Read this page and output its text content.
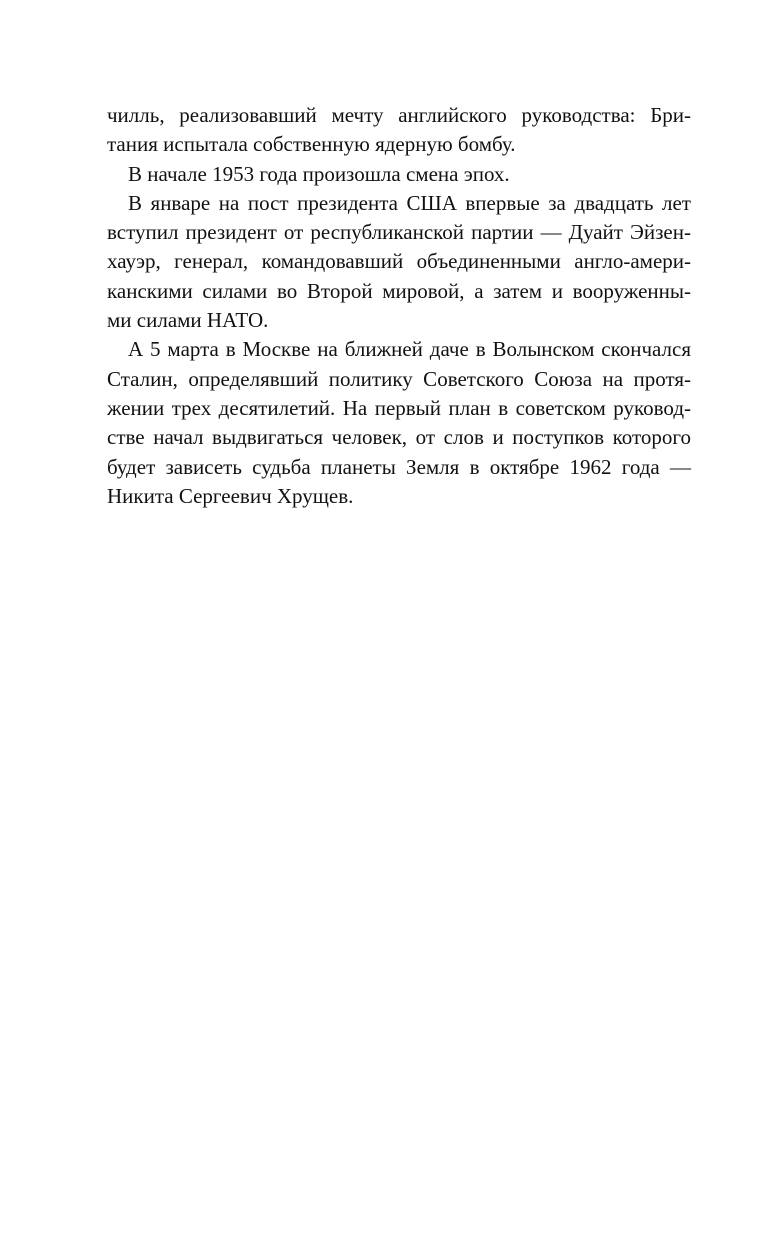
чилль, реализовавший мечту английского руководства: Бри-
тания испытала собственную ядерную бомбу.
В начале 1953 года произошла смена эпох.
В январе на пост президента США впервые за двадцать лет
вступил президент от республиканской партии — Дуайт Эйзен-
хауэр, генерал, командовавший объединенными англо-амери-
канскими силами во Второй мировой, а затем и вооруженны-
ми силами НАТО.
А 5 марта в Москве на ближней даче в Волынском скончался
Сталин, определявший политику Советского Союза на протя-
жении трех десятилетий. На первый план в советском руковод-
стве начал выдвигаться человек, от слов и поступков которого
будет зависеть судьба планеты Земля в октябре 1962 года —
Никита Сергеевич Хрущев.
